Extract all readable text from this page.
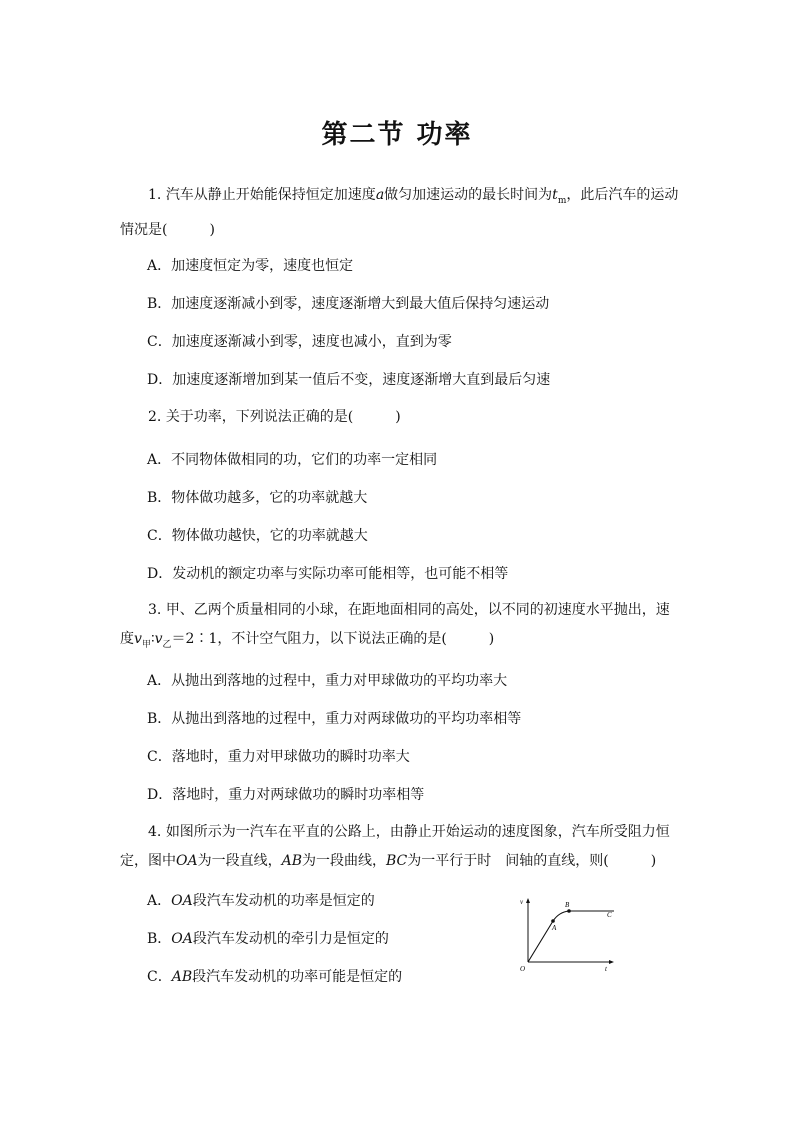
第二节 功率
1. 汽车从静止开始能保持恒定加速度a做匀加速运动的最长时间为$t_m$，此后汽车的运动情况是(　　　)
A．加速度恒定为零，速度也恒定
B．加速度逐渐减小到零，速度逐渐增大到最大值后保持匀速运动
C．加速度逐渐减小到零，速度也减小，直到为零
D．加速度逐渐增加到某一值后不变，速度逐渐增大直到最后匀速
2. 关于功率，下列说法正确的是(　　　)
A．不同物体做相同的功，它们的功率一定相同
B．物体做功越多，它的功率就越大
C．物体做功越快，它的功率就越大
D．发动机的额定功率与实际功率可能相等，也可能不相等
3. 甲、乙两个质量相同的小球，在距地面相同的高处，以不同的初速度水平抛出，速度$v_甲∶v_乙=2∶1$，不计空气阻力，以下说法正确的是(　　　)
A．从抛出到落地的过程中，重力对甲球做功的平均功率大
B．从抛出到落地的过程中，重力对两球做功的平均功率相等
C．落地时，重力对甲球做功的瞬时功率大
D．落地时，重力对两球做功的瞬时功率相等
4. 如图所示为一汽车在平直的公路上，由静止开始运动的速度图象，汽车所受阻力恒定，图中OA为一段直线，AB为一段曲线，BC为一平行于时　间轴的直线，则(　　　)
A．OA段汽车发动机的功率是恒定的
B．OA段汽车发动机的牵引力是恒定的
C．AB段汽车发动机的功率可能是恒定的
v
t
O
A
B
C
